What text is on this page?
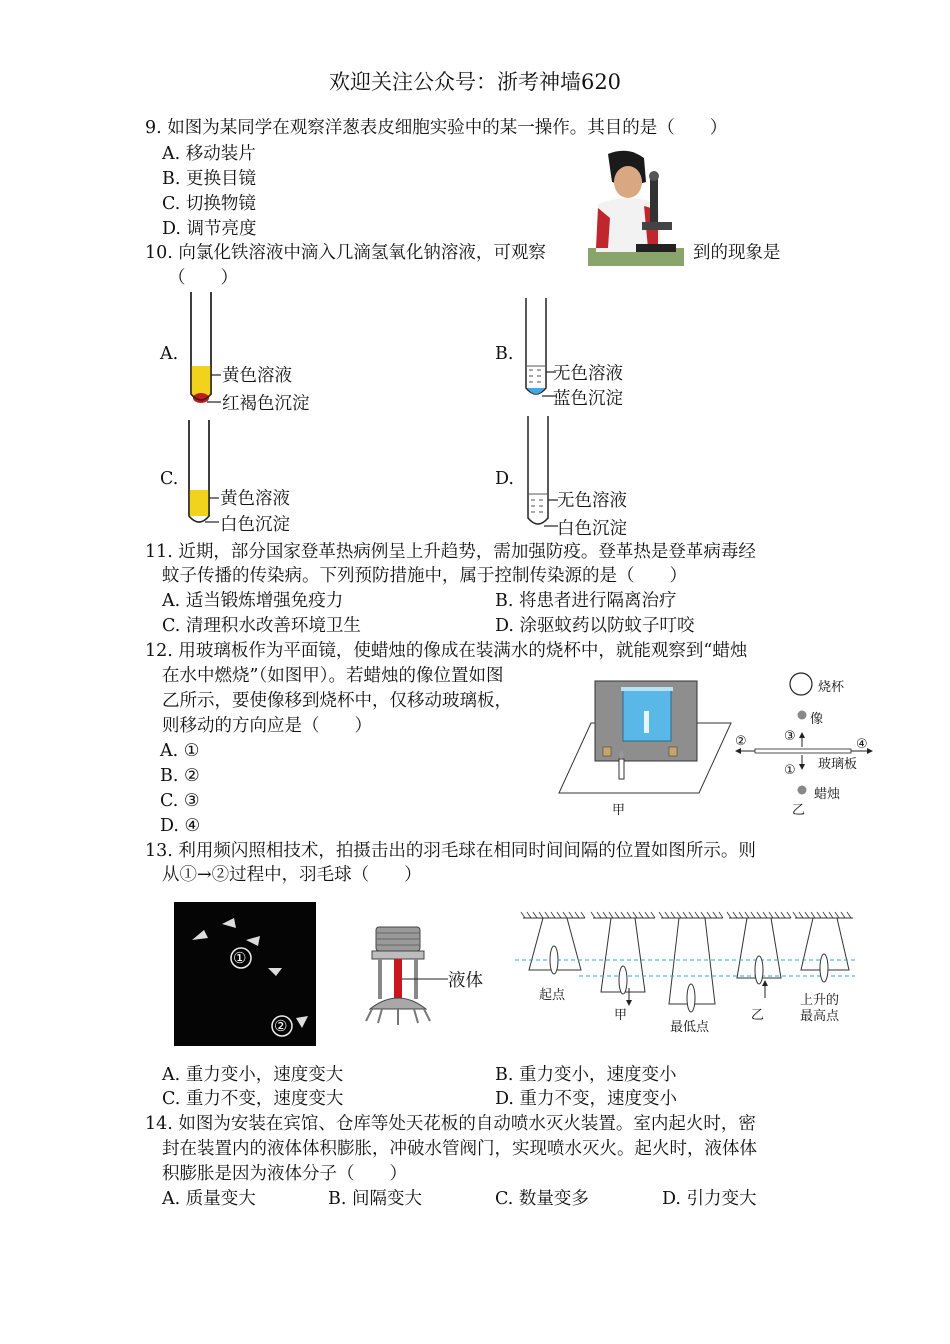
欢迎关注公众号：浙考神墙620
9. 如图为某同学在观察洋葱表皮细胞实验中的某一操作。其目的是（　　）
A. 移动装片
B. 更换目镜
C. 切换物镜
D. 调节亮度
10. 向氯化铁溶液中滴入几滴氢氧化钠溶液，可观察	到的现象是
（　　）
A.
黄色溶液
红褐色沉淀
B.
无色溶液
蓝色沉淀
C.
黄色溶液
白色沉淀
D.
无色溶液
白色沉淀
11. 近期，部分国家登革热病例呈上升趋势，需加强防疫。登革热是登革病毒经
蚊子传播的传染病。下列预防措施中，属于控制传染源的是（　　）
A. 适当锻炼增强免疫力	B. 将患者进行隔离治疗
C. 清理积水改善环境卫生	D. 涂驱蚊药以防蚊子叮咬
12. 用玻璃板作为平面镜，使蜡烛的像成在装满水的烧杯中，就能观察到“蜡烛
在水中燃烧”（如图甲）。若蜡烛的像位置如图
乙所示，要使像移到烧杯中，仅移动玻璃板，
则移动的方向应是（　　）
A. ①
B. ②
C. ③
D. ④
甲
烧杯
像
②	③
④
① 玻璃板
蜡烛
乙
13. 利用频闪照相技术，拍摄击出的羽毛球在相同时间间隔的位置如图所示。则
从①→②过程中，羽毛球（　　）
①
②
液体
起点
甲
最低点
乙
上升的
最高点
A. 重力变小，速度变大	B. 重力变小，速度变小
C. 重力不变，速度变大	D. 重力不变，速度变小
14. 如图为安装在宾馆、仓库等处天花板的自动喷水灭火装置。室内起火时，密
封在装置内的液体体积膨胀，冲破水管阀门，实现喷水灭火。起火时，液体体
积膨胀是因为液体分子（　　）
A. 质量变大	B. 间隔变大	C. 数量变多	D. 引力变大
